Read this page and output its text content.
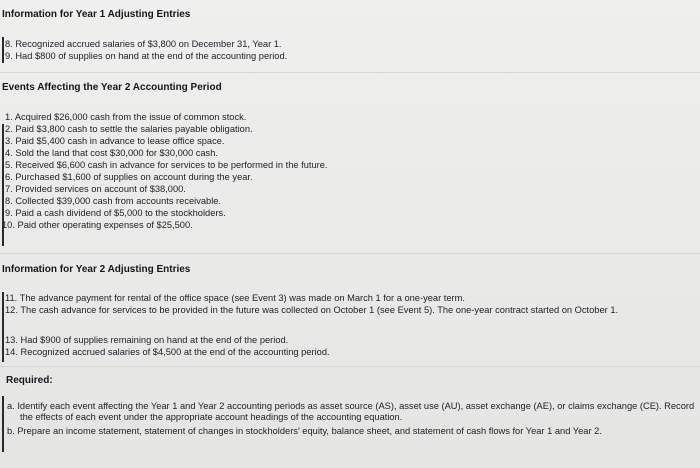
Information for Year 1 Adjusting Entries
8. Recognized accrued salaries of $3,800 on December 31, Year 1.
9. Had $800 of supplies on hand at the end of the accounting period.
Events Affecting the Year 2 Accounting Period
1. Acquired $26,000 cash from the issue of common stock.
2. Paid $3,800 cash to settle the salaries payable obligation.
3. Paid $5,400 cash in advance to lease office space.
4. Sold the land that cost $30,000 for $30,000 cash.
5. Received $6,600 cash in advance for services to be performed in the future.
6. Purchased $1,600 of supplies on account during the year.
7. Provided services on account of $38,000.
8. Collected $39,000 cash from accounts receivable.
9. Paid a cash dividend of $5,000 to the stockholders.
10. Paid other operating expenses of $25,500.
Information for Year 2 Adjusting Entries
11. The advance payment for rental of the office space (see Event 3) was made on March 1 for a one-year term.
12. The cash advance for services to be provided in the future was collected on October 1 (see Event 5). The one-year contract started on October 1.
13. Had $900 of supplies remaining on hand at the end of the period.
14. Recognized accrued salaries of $4,500 at the end of the accounting period.
Required:
a. Identify each event affecting the Year 1 and Year 2 accounting periods as asset source (AS), asset use (AU), asset exchange (AE), or claims exchange (CE). Record the effects of each event under the appropriate account headings of the accounting equation.
b. Prepare an income statement, statement of changes in stockholders' equity, balance sheet, and statement of cash flows for Year 1 and Year 2.
